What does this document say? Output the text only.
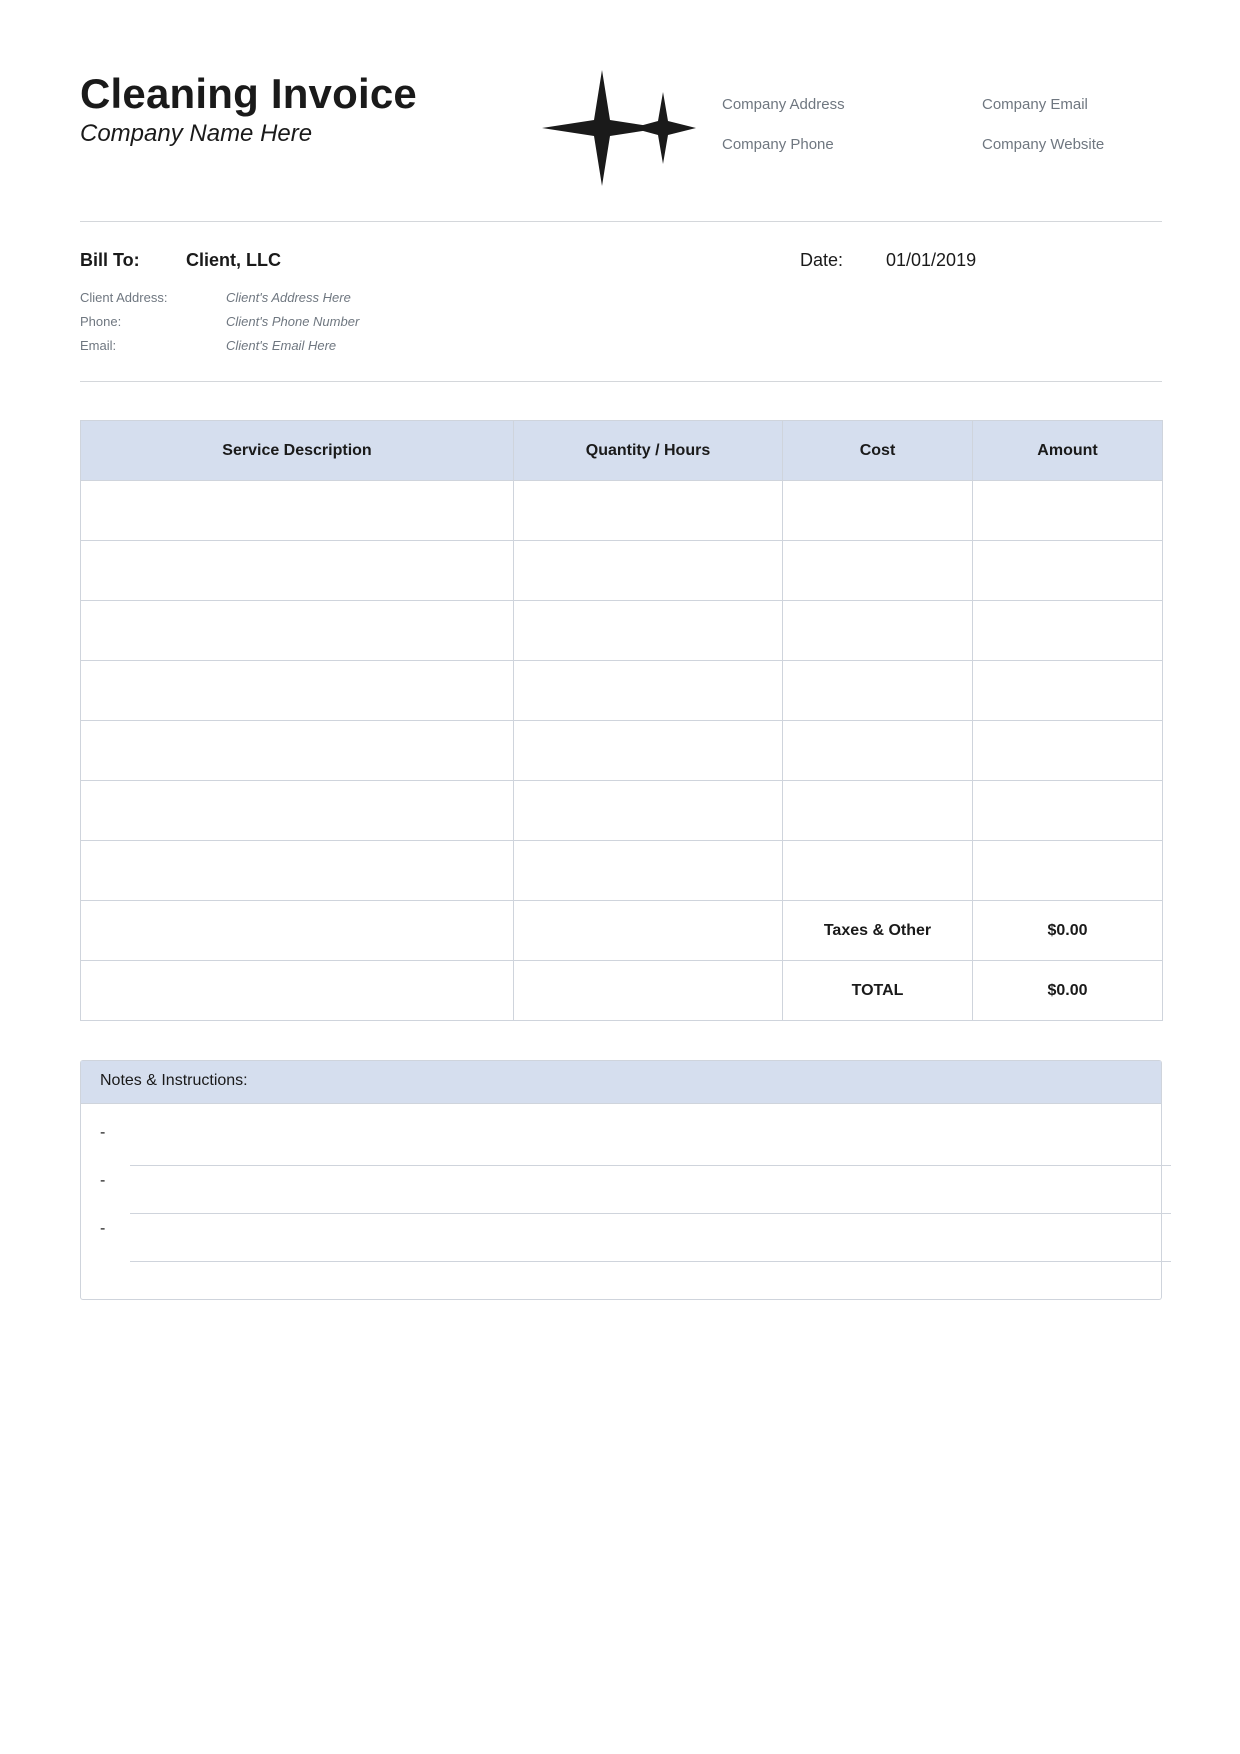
Cleaning Invoice
Company Name Here
Company Address	Company Email
Company Phone	Company Website
Bill To:	Client, LLC	Date: 01/01/2019
Client Address:	Client's Address Here
Phone:	Client's Phone Number
Email:	Client's Email Here
Service Description	Quantity / Hours	Cost	Amount

		Taxes & Other	$0.00
		TOTAL	$0.00
Notes & Instructions:
-
-
-
